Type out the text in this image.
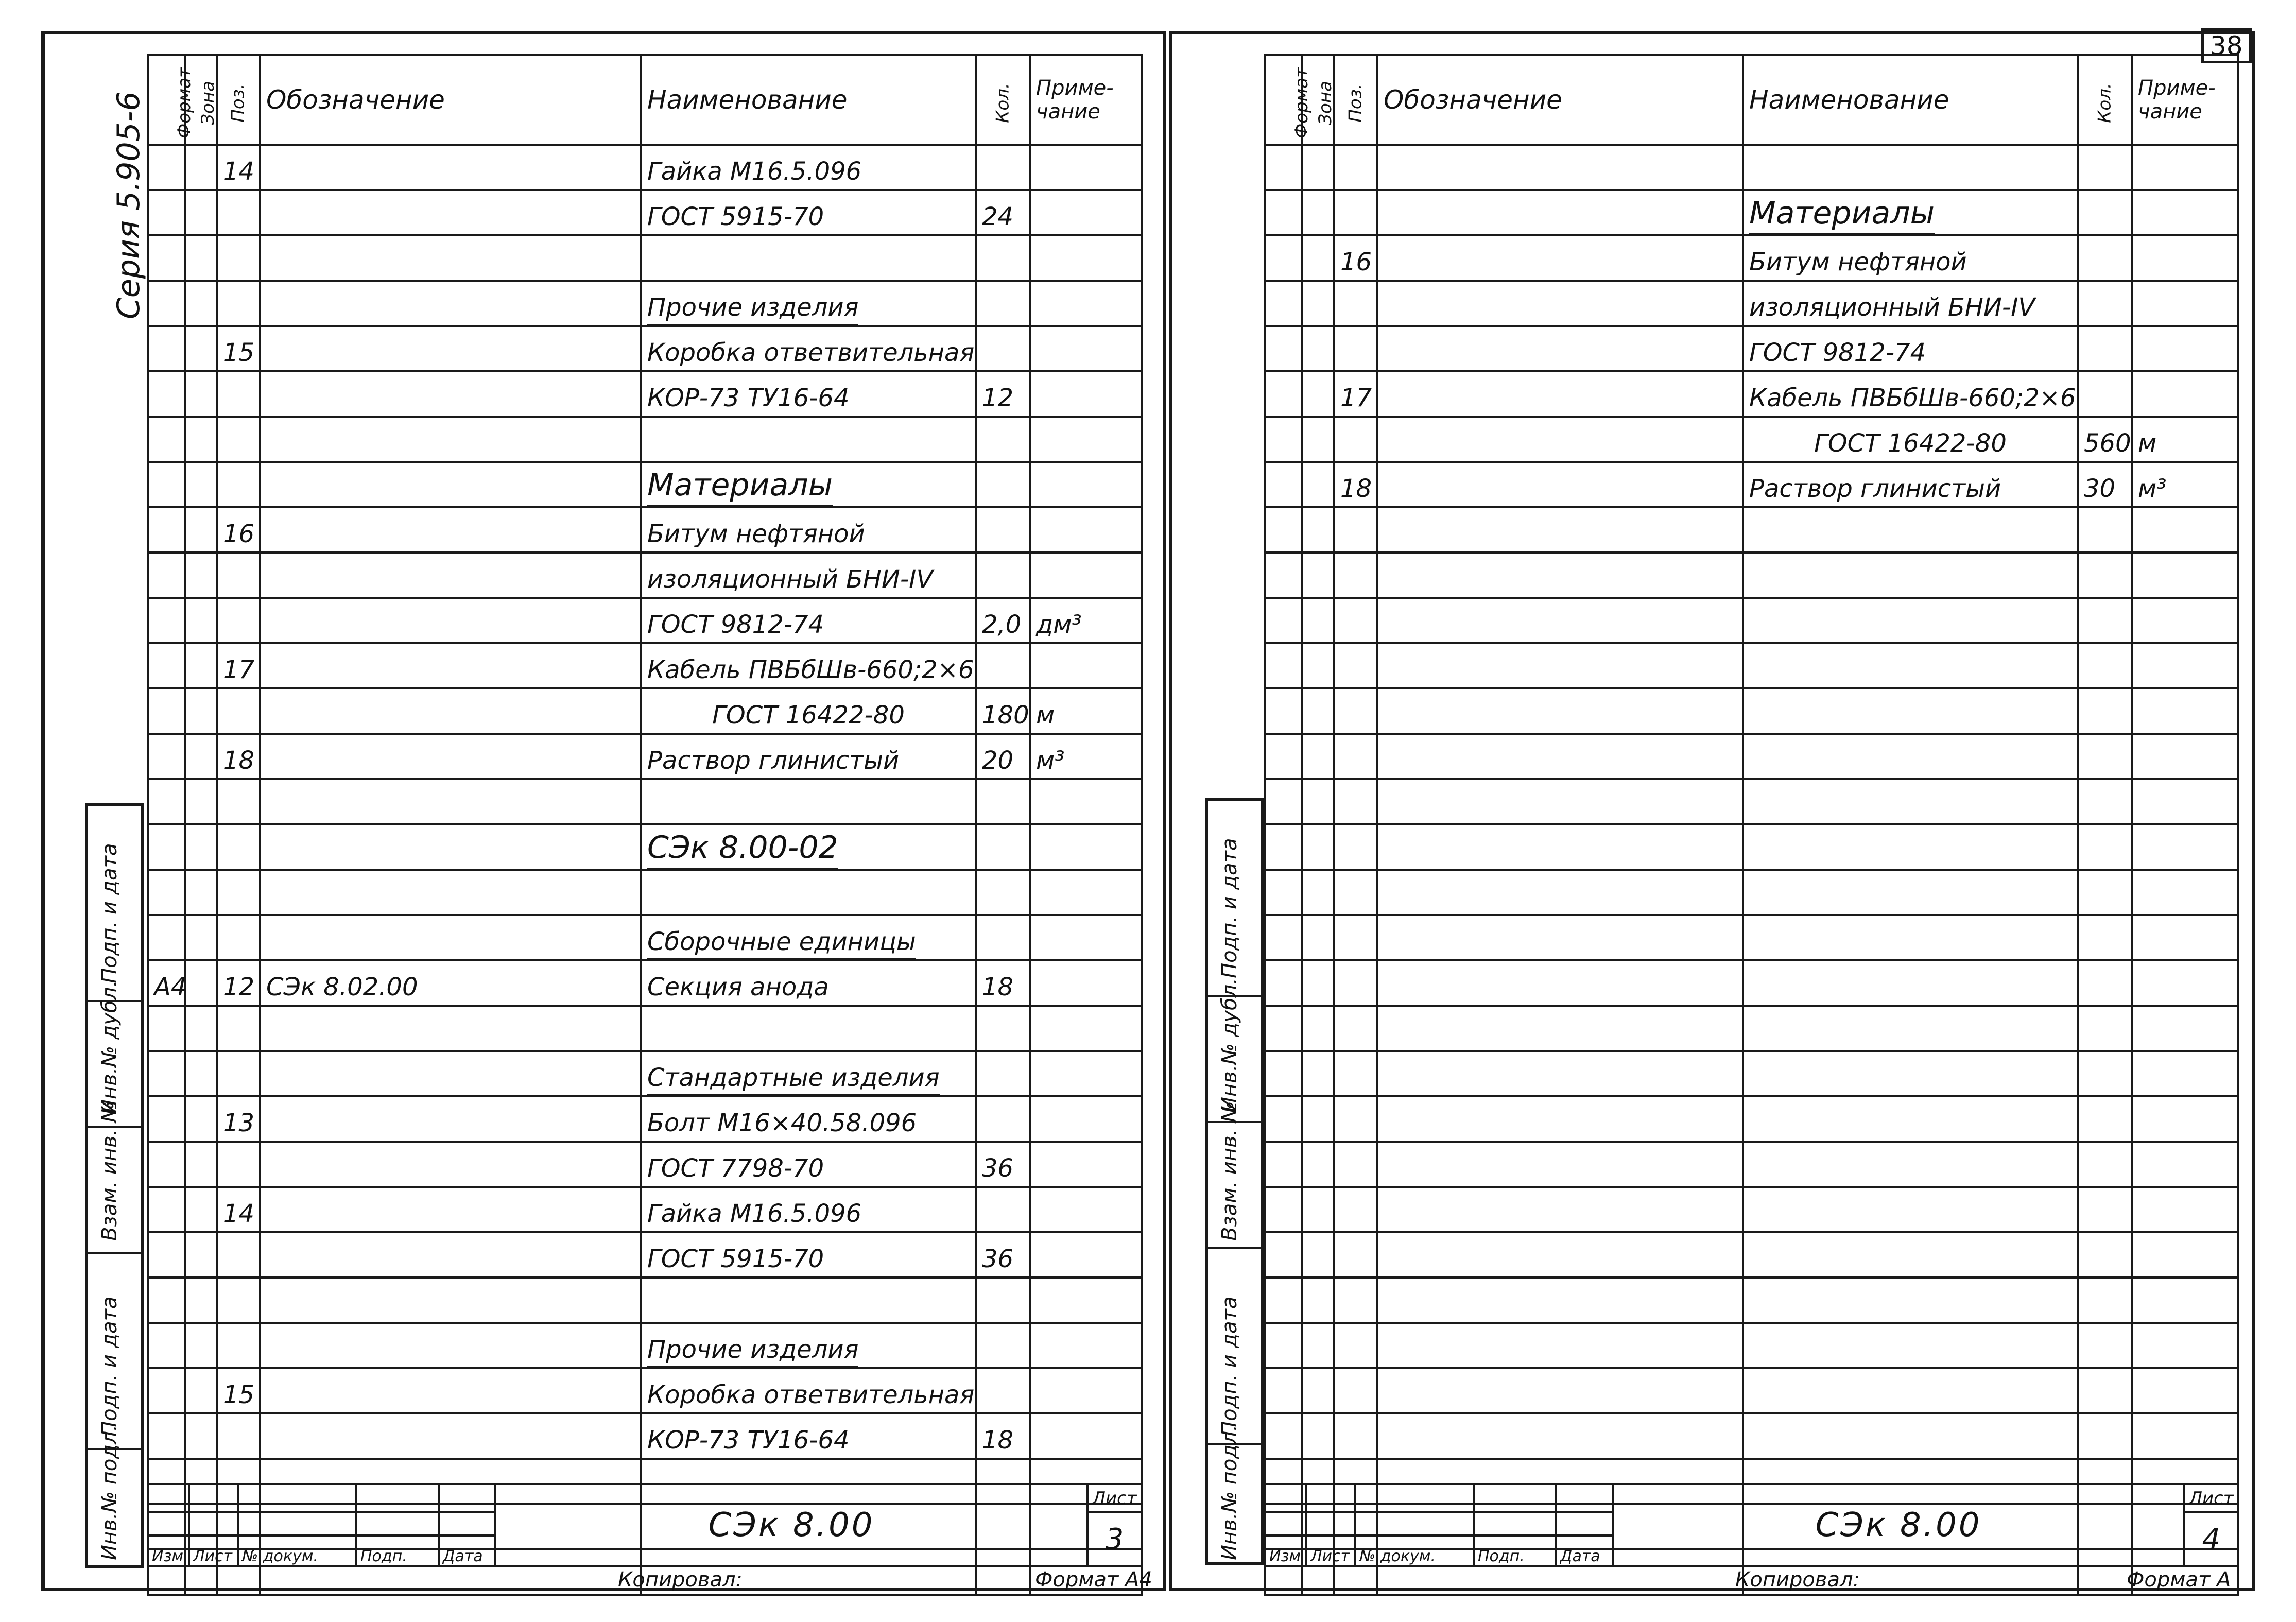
Серия 5.905-6
Подп. и дата
Инв.№ дубл.
Взам. инв. №
Подп. и дата
Инв.№ подл.
Формат	Зона	Поз.	Обозначение	Наименование	Кол.	Приме-чание
		14		Гайка М16.5.096		
				ГОСТ 5915-70	24	

				Прочие изделия		
		15		Коробка ответвительная		
				КОР-73 ТУ16-64	12	

				Материалы		
		16		Битум нефтяной		
				изоляционный БНИ-IV		
				ГОСТ 9812-74	2,0	дм³
		17		Кабель ПВБбШв-660;2×6		
				ГОСТ 16422-80	180	м
		18		Раствор глинистый	20	м³

				СЭк 8.00-02		

				Сборочные единицы		
А4		12	СЭк 8.02.00	Секция анода	18	

				Стандартные изделия		
		13		Болт М16×40.58.096		
				ГОСТ 7798-70	36	
		14		Гайка М16.5.096		
				ГОСТ 5915-70	36	

				Прочие изделия		
		15		Коробка ответвительная		
				КОР-73 ТУ16-64	18	

					СЭк 8.00	Лист
						3
Изм	Лист	№ докум.	Подп.	Дата		
Копировал:	Формат А4
38
Подп. и дата
Инв.№ дубл.
Взам. инв. №
Подп. и дата
Инв.№ подл.
Формат	Зона	Поз.	Обозначение	Наименование	Кол.	Приме-чание

				Материалы		
		16		Битум нефтяной		
				изоляционный БНИ-IV		
				ГОСТ 9812-74		
		17		Кабель ПВБбШв-660;2×6		
				ГОСТ 16422-80	560	м
		18		Раствор глинистый	30	м³

					СЭк 8.00	Лист
						4
Изм	Лист	№ докум.	Подп.	Дата		
Копировал:	Формат А
